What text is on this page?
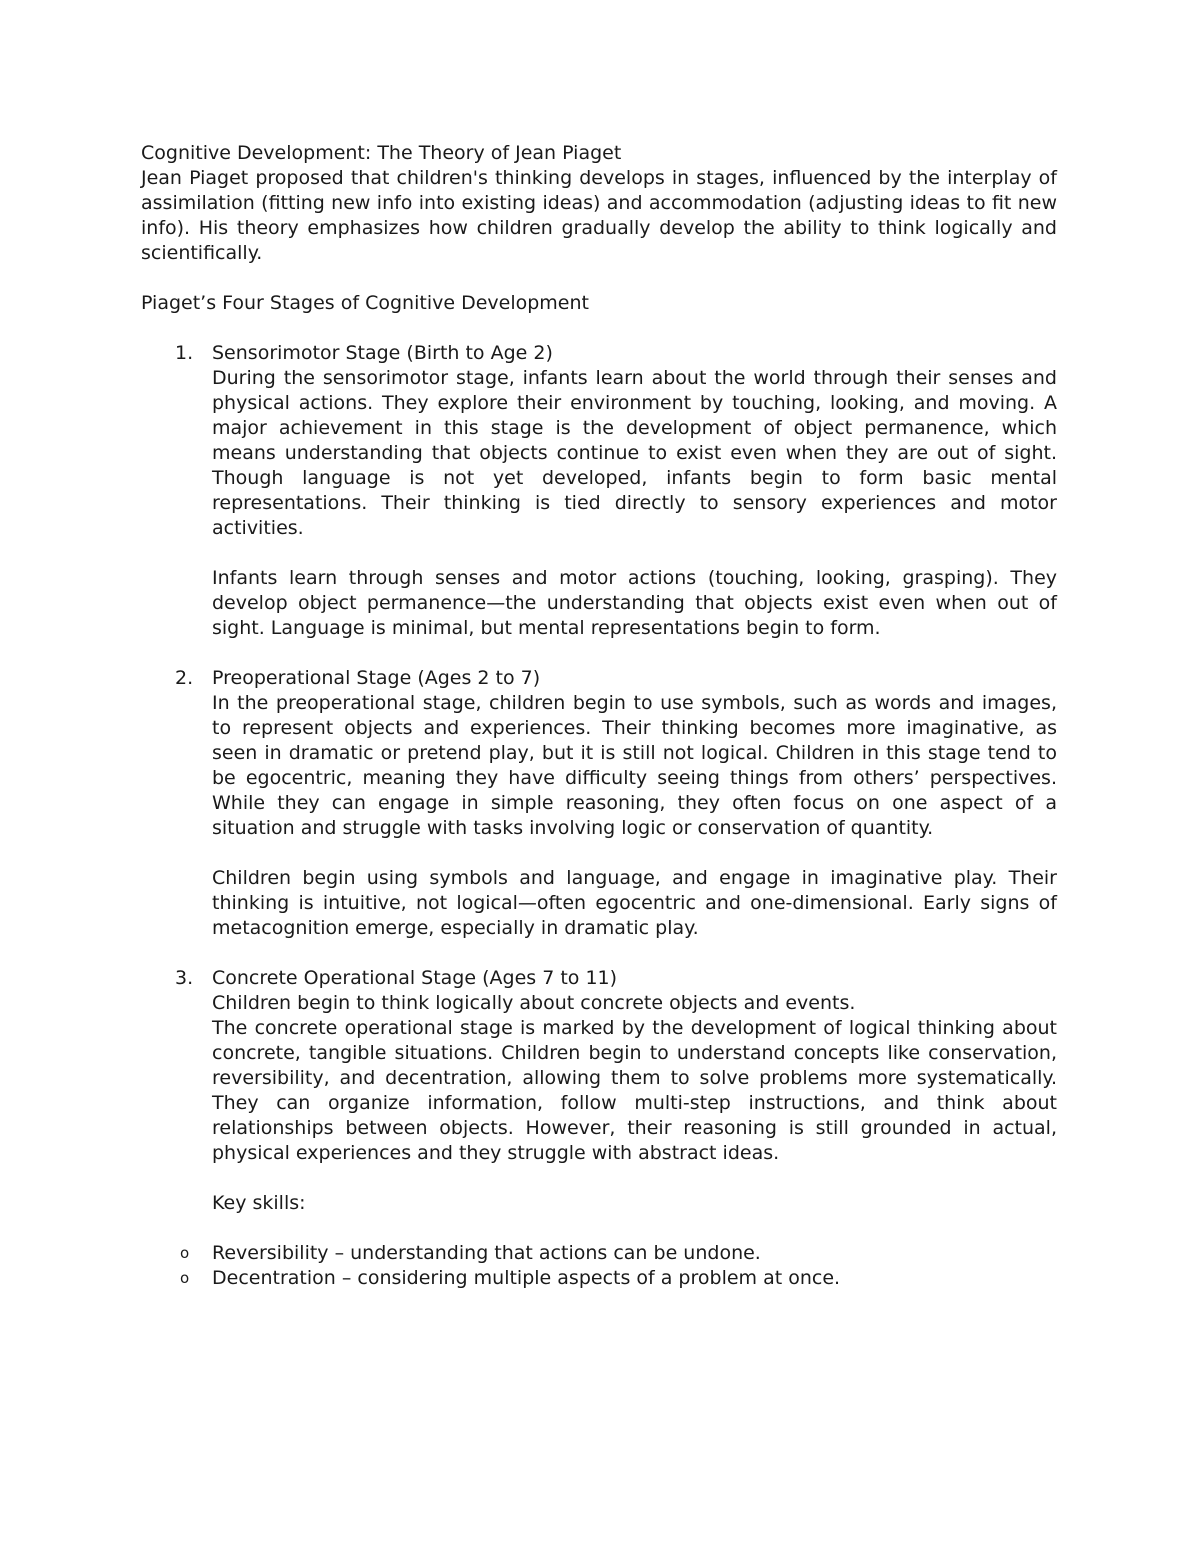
Cognitive Development: The Theory of Jean Piaget

Jean Piaget proposed that children's thinking develops in stages, influenced by the interplay of assimilation (fitting new info into existing ideas) and accommodation (adjusting ideas to fit new info). His theory emphasizes how children gradually develop the ability to think logically and scientifically.

Piaget’s Four Stages of Cognitive Development

1. Sensorimotor Stage (Birth to Age 2)

During the sensorimotor stage, infants learn about the world through their senses and physical actions. They explore their environment by touching, looking, and moving. A major achievement in this stage is the development of object permanence, which means understanding that objects continue to exist even when they are out of sight. Though language is not yet developed, infants begin to form basic mental representations. Their thinking is tied directly to sensory experiences and motor activities.

Infants learn through senses and motor actions (touching, looking, grasping). They develop object permanence—the understanding that objects exist even when out of sight. Language is minimal, but mental representations begin to form.

2. Preoperational Stage (Ages 2 to 7)

In the preoperational stage, children begin to use symbols, such as words and images, to represent objects and experiences. Their thinking becomes more imaginative, as seen in dramatic or pretend play, but it is still not logical. Children in this stage tend to be egocentric, meaning they have difficulty seeing things from others’ perspectives. While they can engage in simple reasoning, they often focus on one aspect of a situation and struggle with tasks involving logic or conservation of quantity.

Children begin using symbols and language, and engage in imaginative play. Their thinking is intuitive, not logical—often egocentric and one-dimensional. Early signs of metacognition emerge, especially in dramatic play.

3. Concrete Operational Stage (Ages 7 to 11)

Children begin to think logically about concrete objects and events.

The concrete operational stage is marked by the development of logical thinking about concrete, tangible situations. Children begin to understand concepts like conservation, reversibility, and decentration, allowing them to solve problems more systematically. They can organize information, follow multi-step instructions, and think about relationships between objects. However, their reasoning is still grounded in actual, physical experiences and they struggle with abstract ideas.

Key skills:

o Reversibility – understanding that actions can be undone.
o Decentration – considering multiple aspects of a problem at once.
